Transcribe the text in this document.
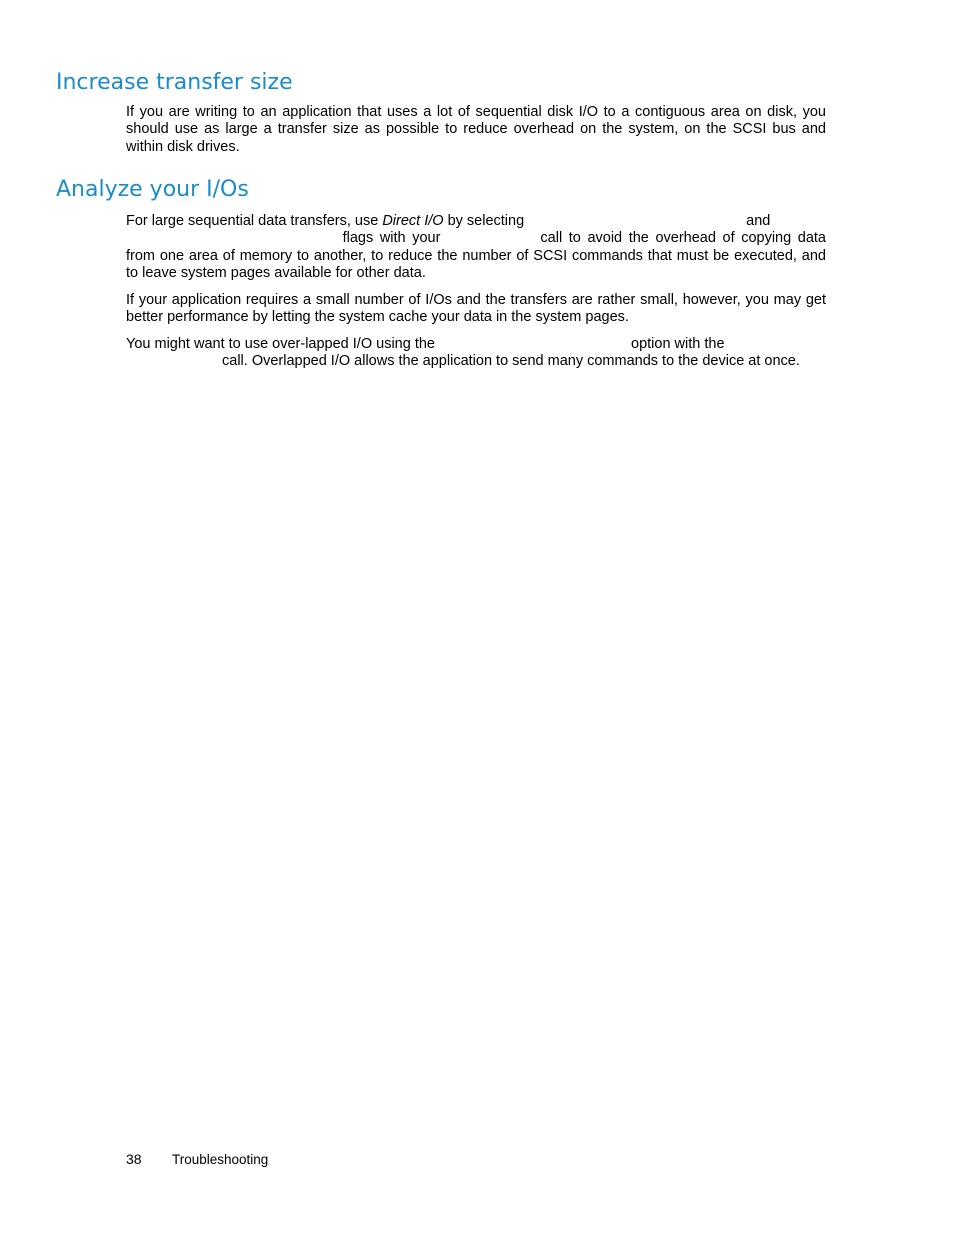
Increase transfer size

If you are writing to an application that uses a lot of sequential disk I/O to a contiguous area on disk, you should use as large a transfer size as possible to reduce overhead on the system, on the SCSI bus and within disk drives.

Analyze your I/Os

For large sequential data transfers, use Direct I/O by selecting	and
flags with your	call to avoid the overhead of copying data from one area of memory to another, to reduce the number of SCSI commands that must be executed, and to leave system pages available for other data.

If your application requires a small number of I/Os and the transfers are rather small, however, you may get better performance by letting the system cache your data in the system pages.

You might want to use over-lapped I/O using the	option with the
call. Overlapped I/O allows the application to send many commands to the device at once.

38 Troubleshooting
